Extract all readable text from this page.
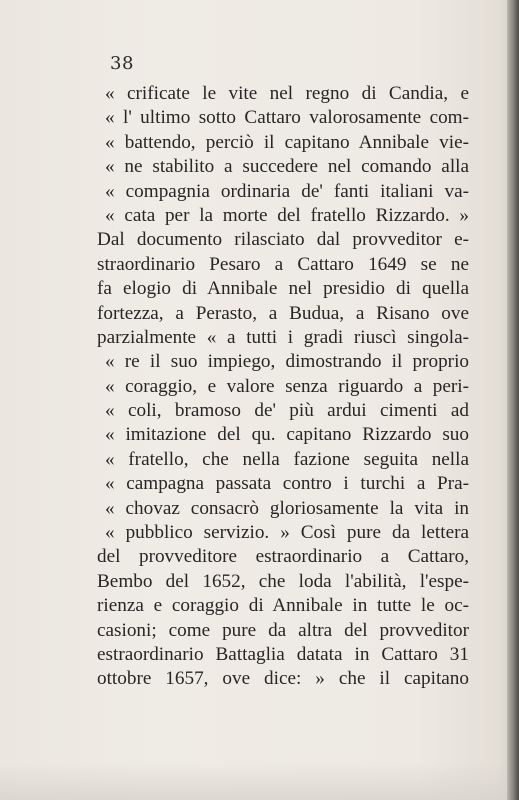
38
« crificate le vite nel regno di Candia, e
« l' ultimo sotto Cattaro valorosamente com-
« battendo, perciò il capitano Annibale vie-
« ne stabilito a succedere nel comando alla
« compagnia ordinaria de' fanti italiani va-
« cata per la morte del fratello Rizzardo. »
Dal documento rilasciato dal provveditor e-
straordinario Pesaro a Cattaro 1649 se ne
fa elogio di Annibale nel presidio di quella
fortezza, a Perasto, a Budua, a Risano ove
parzialmente « a tutti i gradi riuscì singola-
« re il suo impiego, dimostrando il proprio
« coraggio, e valore senza riguardo a peri-
« coli, bramoso de' più ardui cimenti ad
« imitazione del qu. capitano Rizzardo suo
« fratello, che nella fazione seguita nella
« campagna passata contro i turchi a Pra-
« chovaz consacrò gloriosamente la vita in
« pubblico servizio. » Così pure da lettera
del provveditore estraordinario a Cattaro,
Bembo del 1652, che loda l'abilità, l'espe-
rienza e coraggio di Annibale in tutte le oc-
casioni; come pure da altra del provveditor
estraordinario Battaglia datata in Cattaro 31
ottobre 1657, ove dice: » che il capitano
